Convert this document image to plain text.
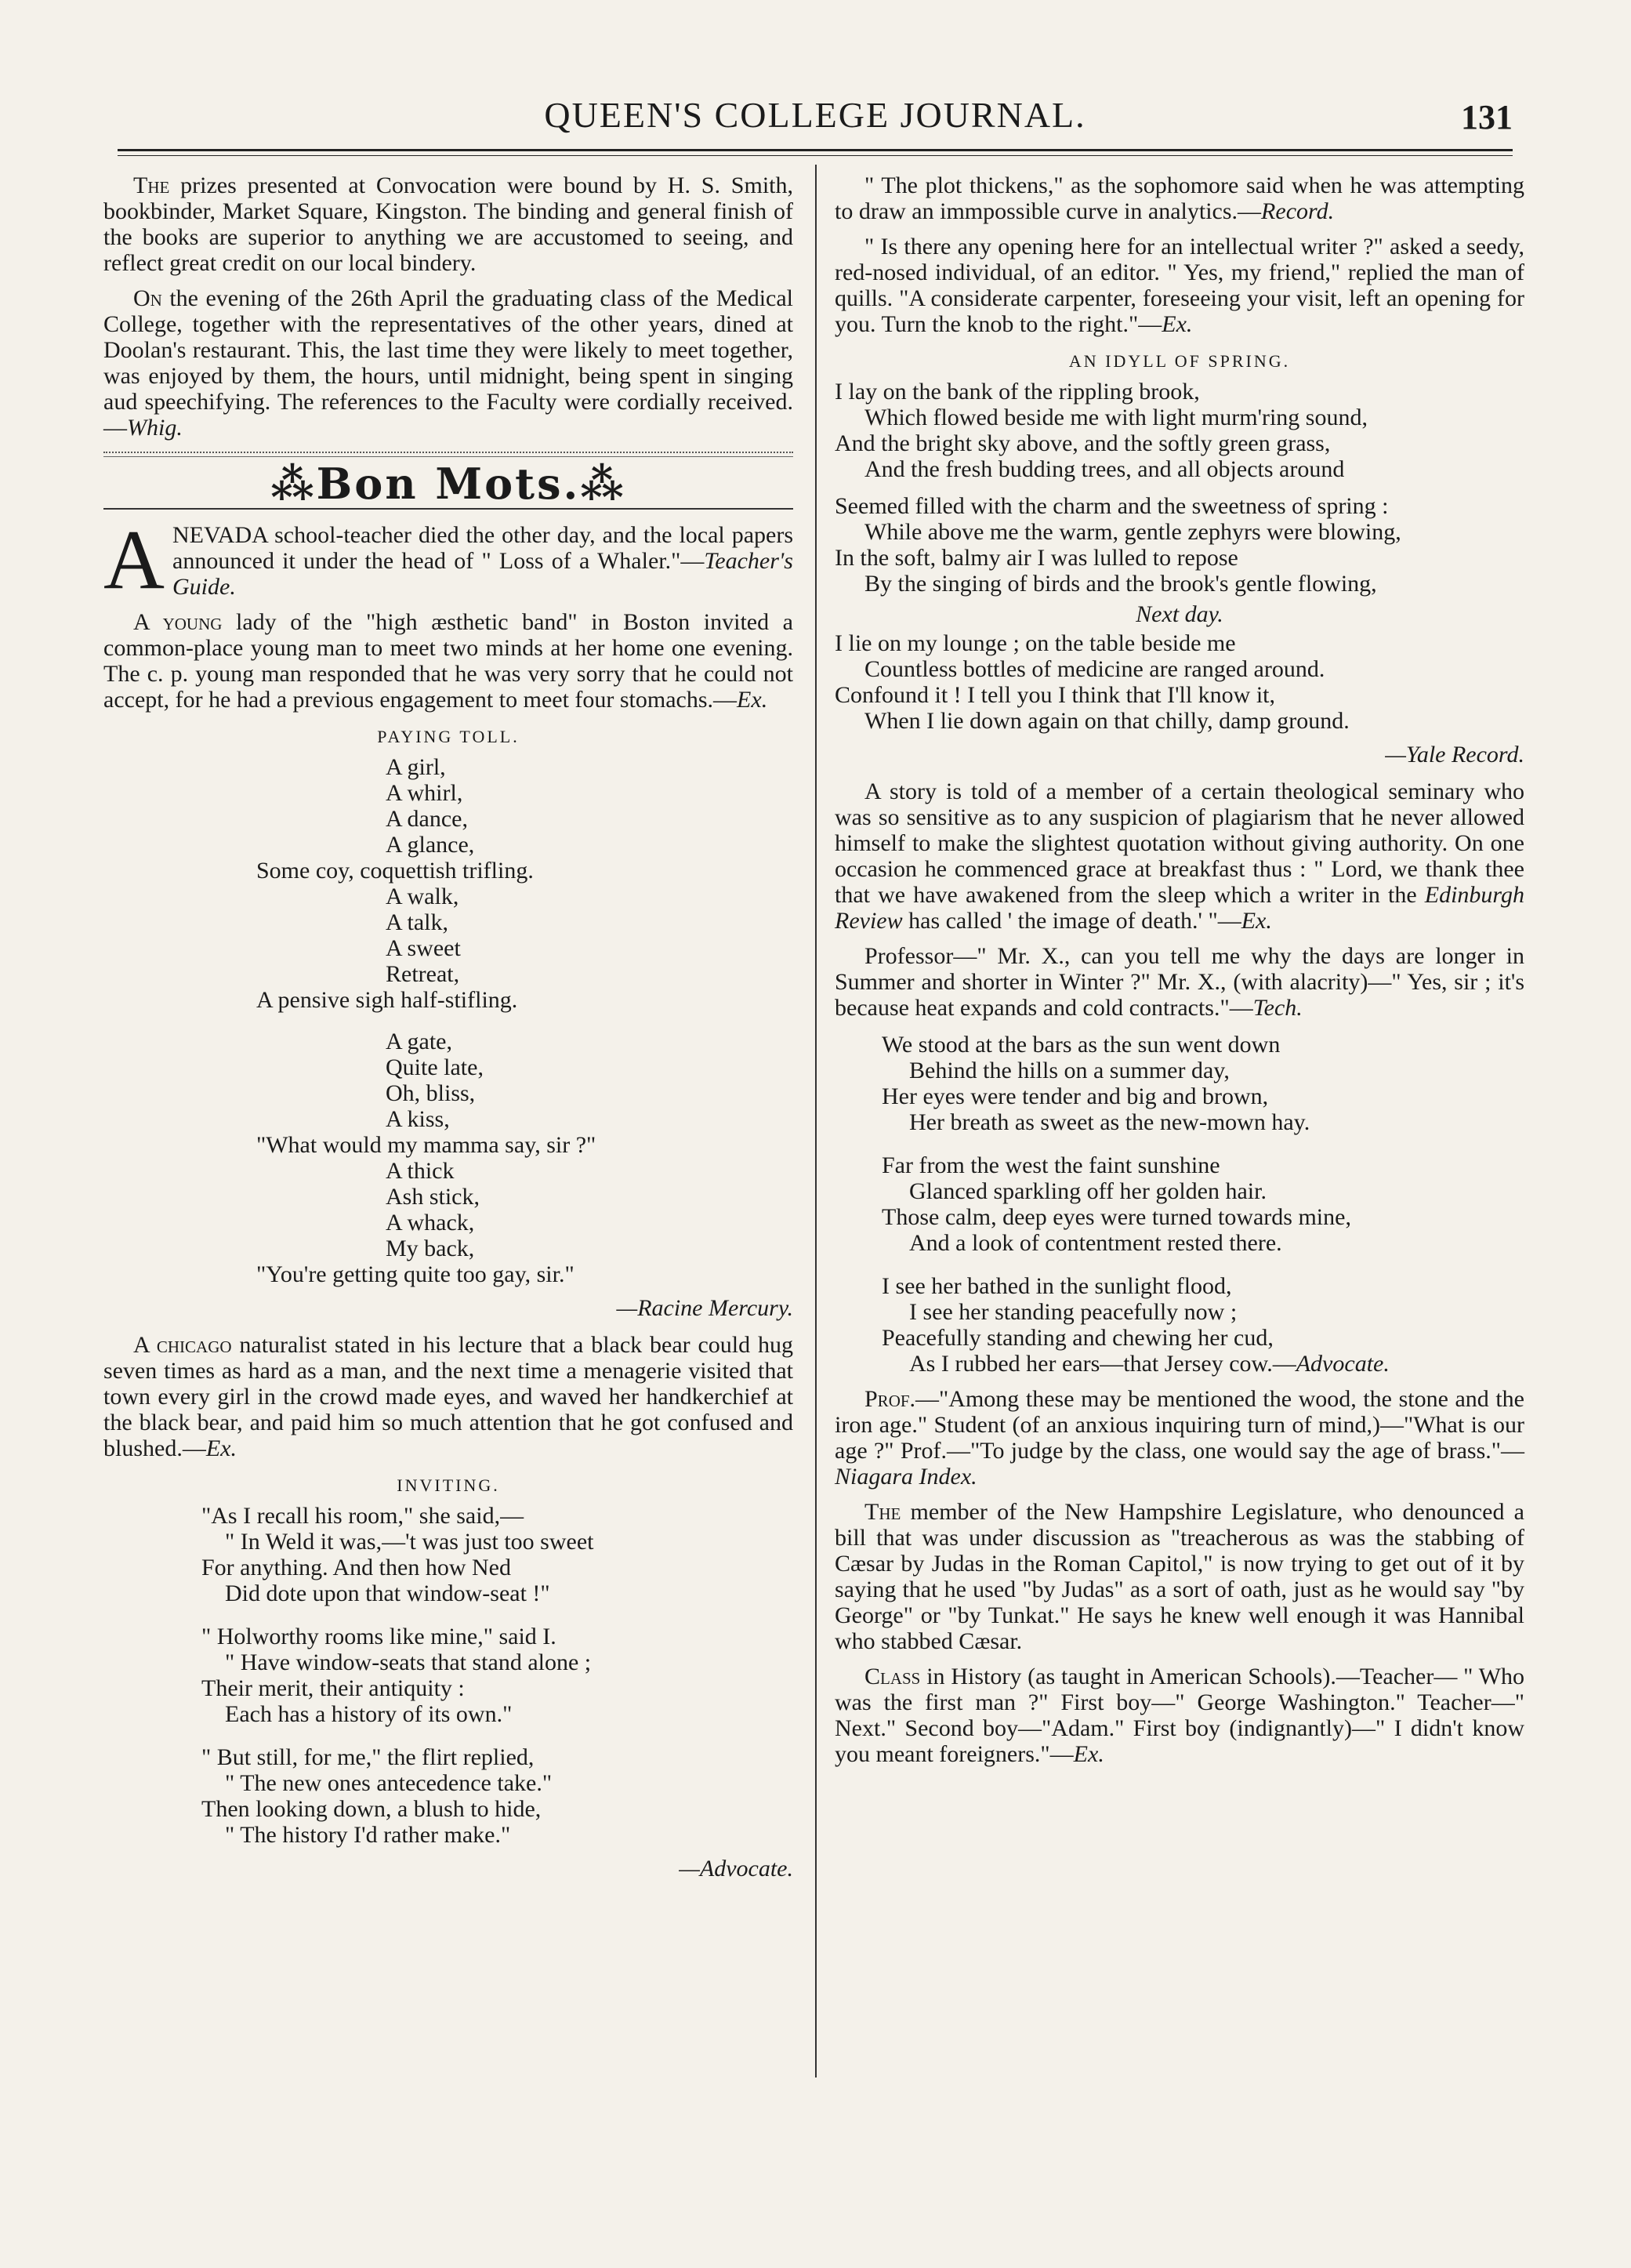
QUEEN'S COLLEGE JOURNAL.	131

The prizes presented at Convocation were bound by H. S. Smith, bookbinder, Market Square, Kingston. The binding and general finish of the books are superior to anything we are accustomed to seeing, and reflect great credit on our local bindery.

On the evening of the 26th April the graduating class of the Medical College, together with the representatives of the other years, dined at Doolan's restaurant. This, the last time they were likely to meet together, was enjoyed by them, the hours, until midnight, being spent in singing aud speechifying. The references to the Faculty were cordially received.—Whig.

⁂Bon Mots.⁂

A NEVADA school-teacher died the other day, and the local papers announced it under the head of " Loss of a Whaler."—Teacher's Guide.

A young lady of the "high æsthetic band" in Boston invited a common-place young man to meet two minds at her home one evening. The c. p. young man responded that he was very sorry that he could not accept, for he had a previous engagement to meet four stomachs.—Ex.

PAYING TOLL.
A girl,
A whirl,
A dance,
A glance,
Some coy, coquettish trifling.
A walk,
A talk,
A sweet
Retreat,
A pensive sigh half-stifling.
A gate,
Quite late,
Oh, bliss,
A kiss,
"What would my mamma say, sir ?"
A thick
Ash stick,
A whack,
My back,
"You're getting quite too gay, sir."
—Racine Mercury.

A chicago naturalist stated in his lecture that a black bear could hug seven times as hard as a man, and the next time a menagerie visited that town every girl in the crowd made eyes, and waved her handkerchief at the black bear, and paid him so much attention that he got confused and blushed.—Ex.

INVITING.
"As I recall his room," she said,—
" In Weld it was,—'t was just too sweet
For anything. And then how Ned
Did dote upon that window-seat !"
" Holworthy rooms like mine," said I.
" Have window-seats that stand alone ;
Their merit, their antiquity :
Each has a history of its own."
" But still, for me," the flirt replied,
" The new ones antecedence take."
Then looking down, a blush to hide,
" The history I'd rather make."
—Advocate.

" The plot thickens," as the sophomore said when he was attempting to draw an immpossible curve in analytics.—Record.

" Is there any opening here for an intellectual writer ?" asked a seedy, red-nosed individual, of an editor. " Yes, my friend," replied the man of quills. "A considerate carpenter, foreseeing your visit, left an opening for you. Turn the knob to the right."—Ex.

AN IDYLL OF SPRING.
I lay on the bank of the rippling brook,
Which flowed beside me with light murm'ring sound,
And the bright sky above, and the softly green grass,
And the fresh budding trees, and all objects around
Seemed filled with the charm and the sweetness of spring :
While above me the warm, gentle zephyrs were blowing,
In the soft, balmy air I was lulled to repose
By the singing of birds and the brook's gentle flowing,
Next day.
I lie on my lounge ; on the table beside me
Countless bottles of medicine are ranged around.
Confound it ! I tell you I think that I'll know it,
When I lie down again on that chilly, damp ground.
—Yale Record.

A story is told of a member of a certain theological seminary who was so sensitive as to any suspicion of plagiarism that he never allowed himself to make the slightest quotation without giving authority. On one occasion he commenced grace at breakfast thus : " Lord, we thank thee that we have awakened from the sleep which a writer in the Edinburgh Review has called ' the image of death.' "—Ex.

Professor—" Mr. X., can you tell me why the days are longer in Summer and shorter in Winter ?" Mr. X., (with alacrity)—" Yes, sir ; it's because heat expands and cold contracts."—Tech.

We stood at the bars as the sun went down
Behind the hills on a summer day,
Her eyes were tender and big and brown,
Her breath as sweet as the new-mown hay.
Far from the west the faint sunshine
Glanced sparkling off her golden hair.
Those calm, deep eyes were turned towards mine,
And a look of contentment rested there.
I see her bathed in the sunlight flood,
I see her standing peacefully now ;
Peacefully standing and chewing her cud,
As I rubbed her ears—that Jersey cow.—Advocate.

Prof.—"Among these may be mentioned the wood, the stone and the iron age." Student (of an anxious inquiring turn of mind,)—"What is our age ?" Prof.—"To judge by the class, one would say the age of brass."—Niagara Index.

The member of the New Hampshire Legislature, who denounced a bill that was under discussion as "treacherous as was the stabbing of Cæsar by Judas in the Roman Capitol," is now trying to get out of it by saying that he used "by Judas" as a sort of oath, just as he would say "by George" or "by Tunkat." He says he knew well enough it was Hannibal who stabbed Cæsar.

Class in History (as taught in American Schools).—Teacher— " Who was the first man ?" First boy—" George Washington." Teacher—" Next." Second boy—"Adam." First boy (indignantly)—" I didn't know you meant foreigners."—Ex.
